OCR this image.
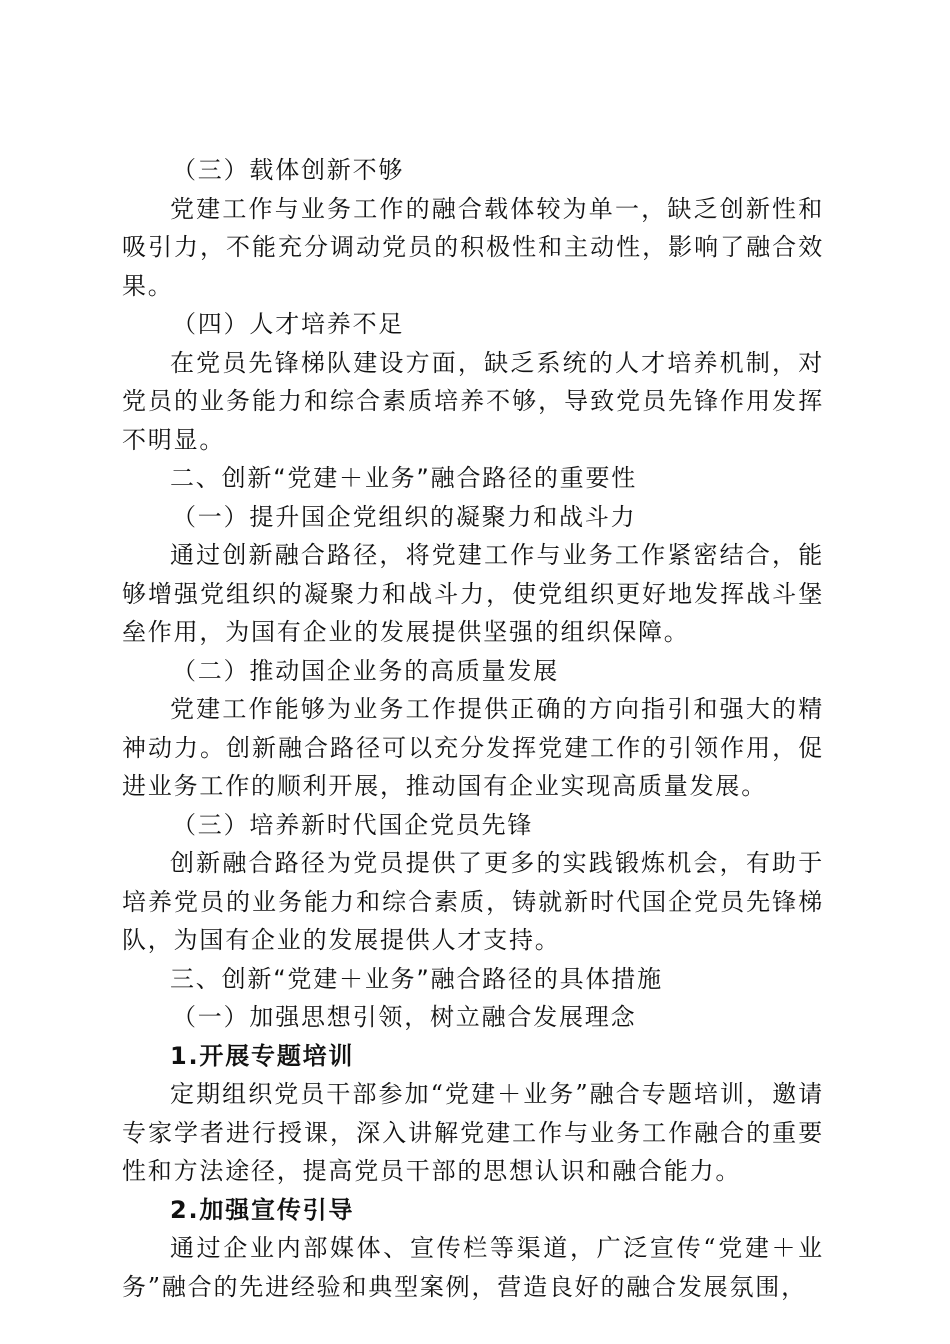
（三）载体创新不够
党建工作与业务工作的融合载体较为单一，缺乏创新性和吸引力，不能充分调动党员的积极性和主动性，影响了融合效果。
（四）人才培养不足
在党员先锋梯队建设方面，缺乏系统的人才培养机制，对党员的业务能力和综合素质培养不够，导致党员先锋作用发挥不明显。
二、创新“党建＋业务”融合路径的重要性
（一）提升国企党组织的凝聚力和战斗力
通过创新融合路径，将党建工作与业务工作紧密结合，能够增强党组织的凝聚力和战斗力，使党组织更好地发挥战斗堡垒作用，为国有企业的发展提供坚强的组织保障。
（二）推动国企业务的高质量发展
党建工作能够为业务工作提供正确的方向指引和强大的精神动力。创新融合路径可以充分发挥党建工作的引领作用，促进业务工作的顺利开展，推动国有企业实现高质量发展。
（三）培养新时代国企党员先锋
创新融合路径为党员提供了更多的实践锻炼机会，有助于培养党员的业务能力和综合素质，铸就新时代国企党员先锋梯队，为国有企业的发展提供人才支持。
三、创新“党建＋业务”融合路径的具体措施
（一）加强思想引领，树立融合发展理念
1.开展专题培训
定期组织党员干部参加“党建＋业务”融合专题培训，邀请专家学者进行授课，深入讲解党建工作与业务工作融合的重要性和方法途径，提高党员干部的思想认识和融合能力。
2.加强宣传引导
通过企业内部媒体、宣传栏等渠道，广泛宣传“党建＋业务”融合的先进经验和典型案例，营造良好的融合发展氛围，
